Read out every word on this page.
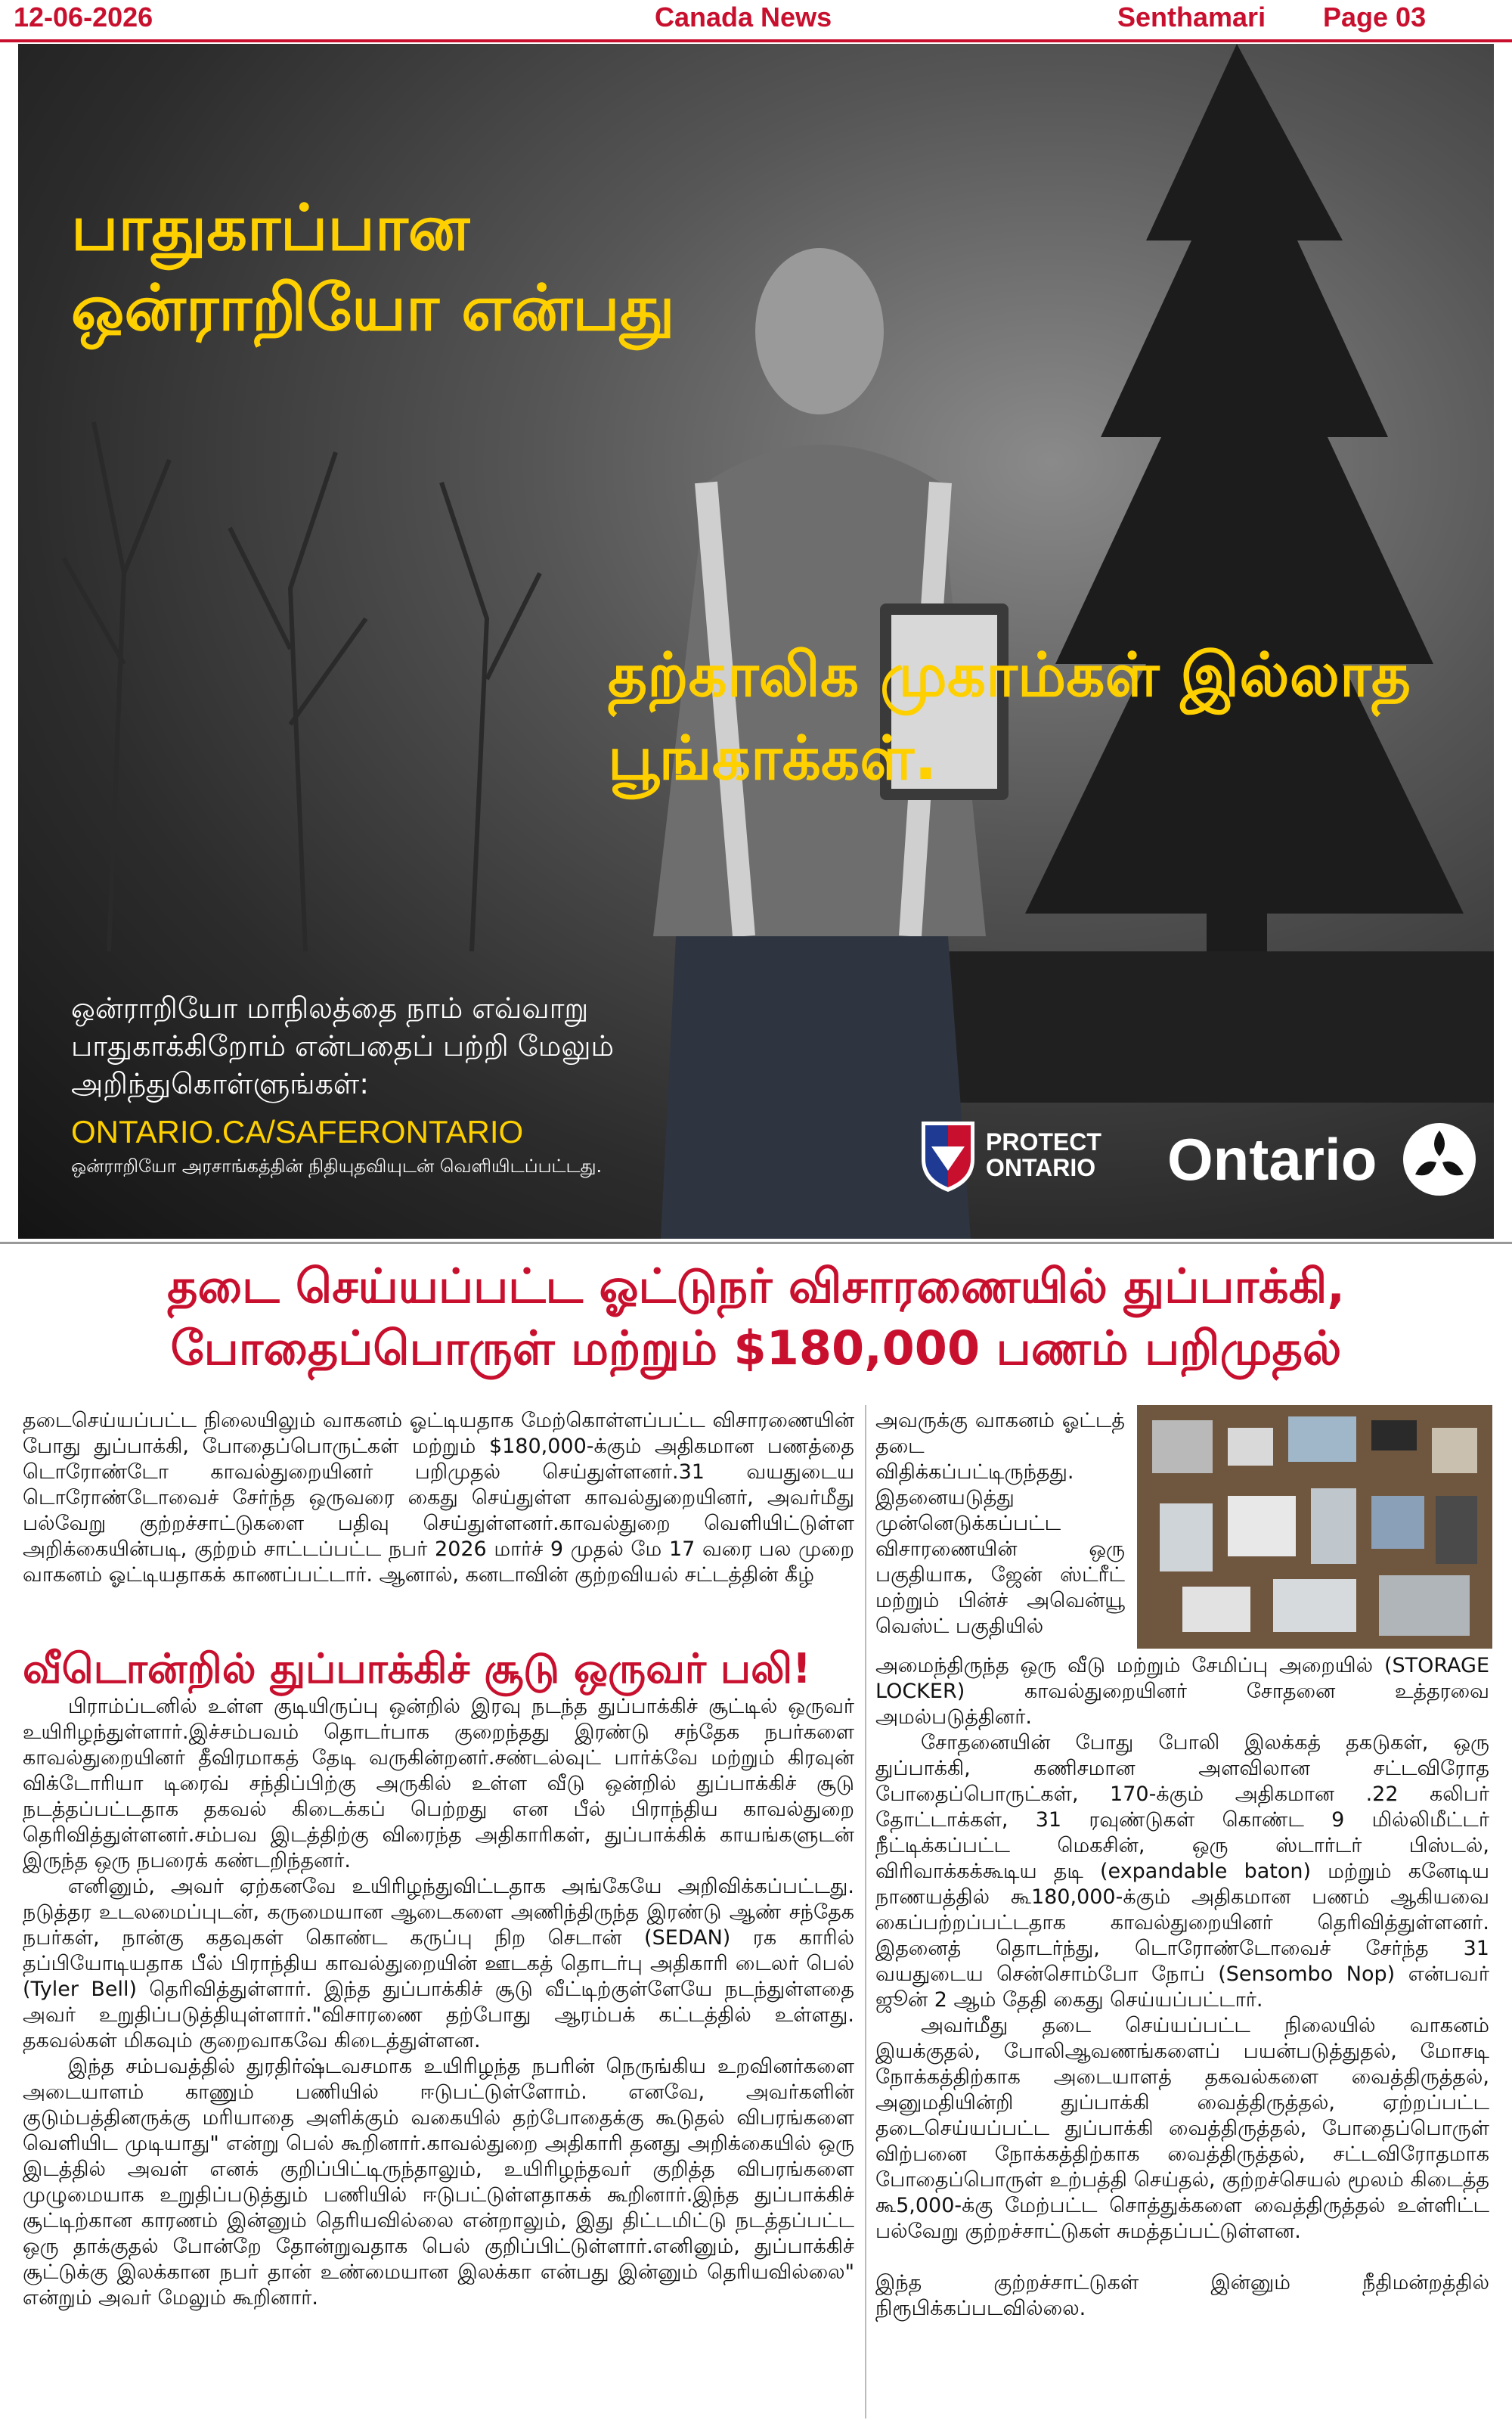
12-06-2026	Canada News	Senthamari Page 03
பாதுகாப்பான ஒன்ராறியோ என்பது
தற்காலிக முகாம்கள் இல்லாத பூங்காக்கள்.
ஒன்ராறியோ மாநிலத்தை நாம் எவ்வாறு பாதுகாக்கிறோம் என்பதைப் பற்றி மேலும் அறிந்துகொள்ளுங்கள்:
ONTARIO.CA/SAFERONTARIO
ஒன்ராறியோ அரசாங்கத்தின் நிதியுதவியுடன் வெளியிடப்பட்டது.
PROTECT
ONTARIO Ontario
தடை செய்யப்பட்ட ஓட்டுநர் விசாரணையில் துப்பாக்கி,
போதைப்பொருள் மற்றும் $180,000 பணம் பறிமுதல்

தடைசெய்யப்பட்ட நிலையிலும் வாகனம் ஓட்டியதாக மேற்கொள்ளப்பட்ட விசாரணையின் போது துப்பாக்கி, போதைப்பொருட்கள் மற்றும் $180,000-க்கும் அதிகமான பணத்தை டொரோண்டோ காவல்துறையினர் பறிமுதல் செய்துள்ளனர்.31 வயதுடைய டொரோண்டோவைச் சேர்ந்த ஒருவரை கைது செய்துள்ள காவல்துறையினர், அவர்மீது பல்வேறு குற்றச்சாட்டுகளை பதிவு செய்துள்ளனர்.காவல்துறை வெளியிட்டுள்ள அறிக்கையின்படி, குற்றம் சாட்டப்பட்ட நபர் 2026 மார்ச் 9 முதல் மே 17 வரை பல முறை வாகனம் ஓட்டியதாகக் காணப்பட்டார். ஆனால், கனடாவின் குற்றவியல் சட்டத்தின் கீழ்

வீடொன்றில் துப்பாக்கிச் சூடு ஒருவர் பலி!

பிராம்ப்டனில் உள்ள குடியிருப்பு ஒன்றில் இரவு நடந்த துப்பாக்கிச் சூட்டில் ஒருவர் உயிரிழந்துள்ளார்.இச்சம்பவம் தொடர்பாக குறைந்தது இரண்டு சந்தேக நபர்களை காவல்துறையினர் தீவிரமாகத் தேடி வருகின்றனர்.சண்டல்வுட் பார்க்வே மற்றும் கிரவுன் விக்டோரியா டிரைவ் சந்திப்பிற்கு அருகில் உள்ள வீடு ஒன்றில் துப்பாக்கிச் சூடு நடத்தப்பட்டதாக தகவல் கிடைக்கப் பெற்றது என பீல் பிராந்திய காவல்துறை தெரிவித்துள்ளனர்.சம்பவ இடத்திற்கு விரைந்த அதிகாரிகள், துப்பாக்கிக் காயங்களுடன் இருந்த ஒரு நபரைக் கண்டறிந்தனர்.

எனினும், அவர் ஏற்கனவே உயிரிழந்துவிட்டதாக அங்கேயே அறிவிக்கப்பட்டது. நடுத்தர உடலமைப்புடன், கருமையான ஆடைகளை அணிந்திருந்த இரண்டு ஆண் சந்தேக நபர்கள், நான்கு கதவுகள் கொண்ட கருப்பு நிற செடான் (SEDAN) ரக காரில் தப்பியோடியதாக பீல் பிராந்திய காவல்துறையின் ஊடகத் தொடர்பு அதிகாரி டைலர் பெல் (Tyler Bell) தெரிவித்துள்ளார். இந்த துப்பாக்கிச் சூடு வீட்டிற்குள்ளேயே நடந்துள்ளதை அவர் உறுதிப்படுத்தியுள்ளார்."விசாரணை தற்போது ஆரம்பக் கட்டத்தில் உள்ளது. தகவல்கள் மிகவும் குறைவாகவே கிடைத்துள்ளன.

இந்த சம்பவத்தில் துரதிர்ஷ்டவசமாக உயிரிழந்த நபரின் நெருங்கிய உறவினர்களை அடையாளம் காணும் பணியில் ஈடுபட்டுள்ளோம். எனவே, அவர்களின் குடும்பத்தினருக்கு மரியாதை அளிக்கும் வகையில் தற்போதைக்கு கூடுதல் விபரங்களை வெளியிட முடியாது" என்று பெல் கூறினார்.காவல்துறை அதிகாரி தனது அறிக்கையில் ஒரு இடத்தில் அவள் எனக் குறிப்பிட்டிருந்தாலும், உயிரிழந்தவர் குறித்த விபரங்களை முழுமையாக உறுதிப்படுத்தும் பணியில் ஈடுபட்டுள்ளதாகக் கூறினார்.இந்த துப்பாக்கிச் சூட்டிற்கான காரணம் இன்னும் தெரியவில்லை என்றாலும், இது திட்டமிட்டு நடத்தப்பட்ட ஒரு தாக்குதல் போன்றே தோன்றுவதாக பெல் குறிப்பிட்டுள்ளார்.எனினும், துப்பாக்கிச் சூட்டுக்கு இலக்கான நபர் தான் உண்மையான இலக்கா என்பது இன்னும் தெரியவில்லை" என்றும் அவர் மேலும் கூறினார்.

அவருக்கு வாகனம் ஓட்டத் தடை விதிக்கப்பட்டிருந்தது. இதனையடுத்து முன்னெடுக்கப்பட்ட விசாரணையின் ஒரு பகுதியாக, ஜேன் ஸ்ட்ரீட் மற்றும் பின்ச் அவென்யூ வெஸ்ட் பகுதியில்

அமைந்திருந்த ஒரு வீடு மற்றும் சேமிப்பு அறையில் (STORAGE LOCKER) காவல்துறையினர் சோதனை உத்தரவை அமல்படுத்தினர்.

சோதனையின் போது போலி இலக்கத் தகடுகள், ஒரு துப்பாக்கி, கணிசமான அளவிலான சட்டவிரோத போதைப்பொருட்கள், 170-க்கும் அதிகமான .22 கலிபர் தோட்டாக்கள், 31 ரவுண்டுகள் கொண்ட 9 மில்லிமீட்டர் நீட்டிக்கப்பட்ட மெகசின், ஒரு ஸ்டார்டர் பிஸ்டல், விரிவாக்கக்கூடிய தடி (expandable baton) மற்றும் கனேடிய நாணயத்தில் கூ180,000-க்கும் அதிகமான பணம் ஆகியவை கைப்பற்றப்பட்டதாக காவல்துறையினர் தெரிவித்துள்ளனர். இதனைத் தொடர்ந்து, டொரோண்டோவைச் சேர்ந்த 31 வயதுடைய சென்சொம்போ நோப் (Sensombo Nop) என்பவர் ஜூன் 2 ஆம் தேதி கைது செய்யப்பட்டார்.

அவர்மீது தடை செய்யப்பட்ட நிலையில் வாகனம் இயக்குதல், போலிஆவணங்களைப் பயன்படுத்துதல், மோசடி நோக்கத்திற்காக அடையாளத் தகவல்களை வைத்திருத்தல், அனுமதியின்றி துப்பாக்கி வைத்திருத்தல், ஏற்றப்பட்ட தடைசெய்யப்பட்ட துப்பாக்கி வைத்திருத்தல், போதைப்பொருள் விற்பனை நோக்கத்திற்காக வைத்திருத்தல், சட்டவிரோதமாக போதைப்பொருள் உற்பத்தி செய்தல், குற்றச்செயல் மூலம் கிடைத்த கூ5,000-க்கு மேற்பட்ட சொத்துக்களை வைத்திருத்தல் உள்ளிட்ட பல்வேறு குற்றச்சாட்டுகள் சுமத்தப்பட்டுள்ளன.

இந்த குற்றச்சாட்டுகள் இன்னும் நீதிமன்றத்தில் நிரூபிக்கப்படவில்லை.
